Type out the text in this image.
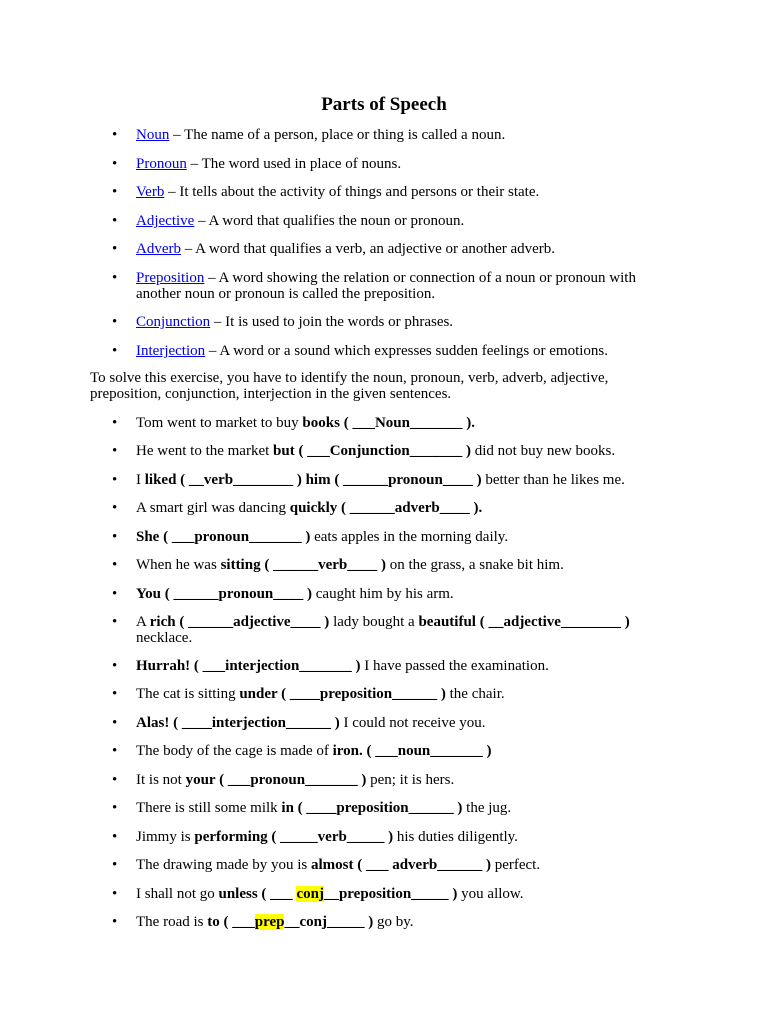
Parts of Speech
• Noun – The name of a person, place or thing is called a noun.
• Pronoun – The word used in place of nouns.
• Verb – It tells about the activity of things and persons or their state.
• Adjective – A word that qualifies the noun or pronoun.
• Adverb – A word that qualifies a verb, an adjective or another adverb.
• Preposition – A word showing the relation or connection of a noun or pronoun with another noun or pronoun is called the preposition.
• Conjunction – It is used to join the words or phrases.
• Interjection – A word or a sound which expresses sudden feelings or emotions.
To solve this exercise, you have to identify the noun, pronoun, verb, adverb, adjective, preposition, conjunction, interjection in the given sentences.
• Tom went to market to buy books ( ___Noun_______ ).
• He went to the market but ( ___Conjunction_______ ) did not buy new books.
• I liked ( __verb________ ) him ( ______pronoun____ ) better than he likes me.
• A smart girl was dancing quickly ( ______adverb____ ).
• She ( ___pronoun_______ ) eats apples in the morning daily.
• When he was sitting ( ______verb____ ) on the grass, a snake bit him.
• You ( ______pronoun____ ) caught him by his arm.
• A rich ( ______adjective____ ) lady bought a beautiful ( __adjective________ ) necklace.
• Hurrah! ( ___interjection_______ ) I have passed the examination.
• The cat is sitting under ( ____preposition______ ) the chair.
• Alas! ( ____interjection______ ) I could not receive you.
• The body of the cage is made of iron. ( ___noun_______ )
• It is not your ( ___pronoun_______ ) pen; it is hers.
• There is still some milk in ( ____preposition______ ) the jug.
• Jimmy is performing ( _____verb_____ ) his duties diligently.
• The drawing made by you is almost ( ___ adverb______ ) perfect.
• I shall not go unless ( ___ conj__preposition_____ ) you allow.
• The road is to ( ___prep__conj_____ ) go by.
